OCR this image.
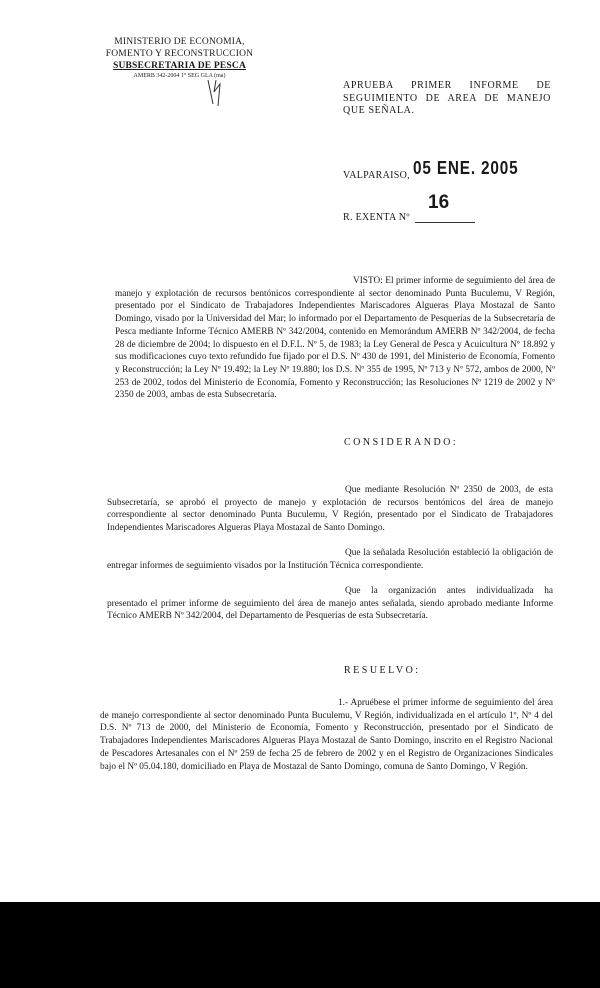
MINISTERIO DE ECONOMIA,
FOMENTO Y RECONSTRUCCION
SUBSECRETARIA DE PESCA
AMERB 342-2004 1° SEG GLA (ma)
APRUEBA PRIMER INFORME DE SEGUIMIENTO DE AREA DE MANEJO QUE SEÑALA.
VALPARAISO, 05 ENE. 2005
R. EXENTA Nº
16

VISTO: El primer informe de seguimiento del área de manejo y explotación de recursos bentónicos correspondiente al sector denominado Punta Buculemu, V Región, presentado por el Sindicato de Trabajadores Independientes Mariscadores Algueras Playa Mostazal de Santo Domingo, visado por la Universidad del Mar; lo informado por el Departamento de Pesquerías de la Subsecretaría de Pesca mediante Informe Técnico AMERB Nº 342/2004, contenido en Memorándum AMERB Nº 342/2004, de fecha 28 de diciembre de 2004; lo dispuesto en el D.F.L. Nº 5, de 1983; la Ley General de Pesca y Acuicultura Nº 18.892 y sus modificaciones cuyo texto refundido fue fijado por el D.S. Nº 430 de 1991, del Ministerio de Economía, Fomento y Reconstrucción; la Ley Nº 19.492; la Ley Nº 19.880; los D.S. Nº 355 de 1995, Nº 713 y Nº 572, ambos de 2000, Nº 253 de 2002, todos del Ministerio de Economía, Fomento y Reconstrucción; las Resoluciones Nº 1219 de 2002 y Nº 2350 de 2003, ambas de esta Subsecretaría.

CONSIDERANDO:

Que mediante Resolución Nº 2350 de 2003, de esta Subsecretaría, se aprobó el proyecto de manejo y explotación de recursos bentónicos del área de manejo correspondiente al sector denominado Punta Buculemu, V Región, presentado por el Sindicato de Trabajadores Independientes Mariscadores Algueras Playa Mostazal de Santo Domingo.

Que la señalada Resolución estableció la obligación de entregar informes de seguimiento visados por la Institución Técnica correspondiente.

Que la organización antes individualizada ha presentado el primer informe de seguimiento del área de manejo antes señalada, siendo aprobado mediante Informe Técnico AMERB Nº 342/2004, del Departamento de Pesquerías de esta Subsecretaría.

RESUELVO:

1.- Apruébese el primer informe de seguimiento del área de manejo correspondiente al sector denominado Punta Buculemu, V Región, individualizada en el artículo 1º, Nº 4 del D.S. Nº 713 de 2000, del Ministerio de Economía, Fomento y Reconstrucción, presentado por el Sindicato de Trabajadores Independientes Mariscadores Algueras Playa Mostazal de Santo Domingo, inscrito en el Registro Nacional de Pescadores Artesanales con el Nº 259 de fecha 25 de febrero de 2002 y en el Registro de Organizaciones Sindicales bajo el Nº 05.04.180, domiciliado en Playa de Mostazal de Santo Domingo, comuna de Santo Domingo, V Región.
